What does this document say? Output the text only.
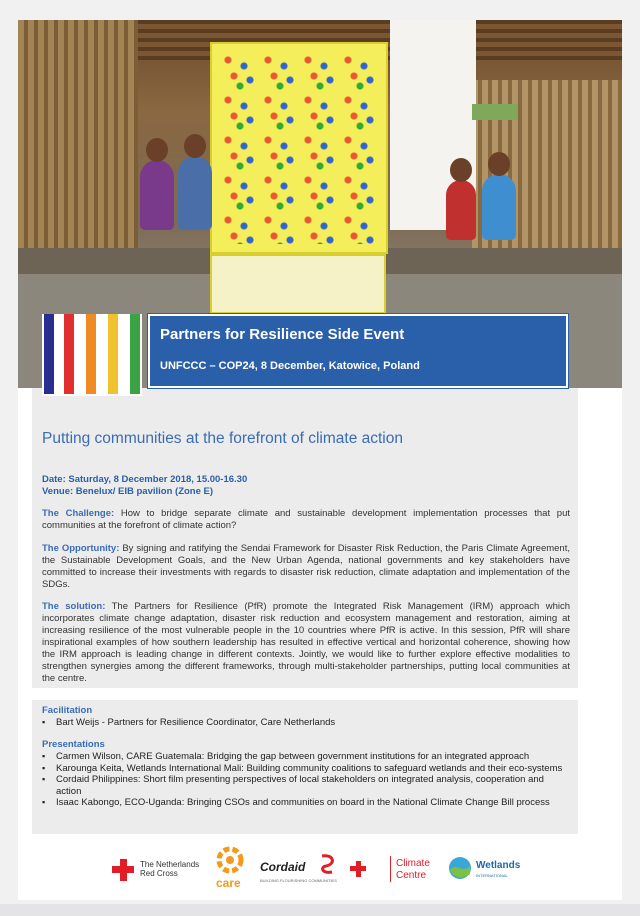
Partners for Resilience Side Event
UNFCCC – COP24, 8 December, Katowice, Poland
Putting communities at the forefront of climate action
Date: Saturday, 8 December 2018, 15.00-16.30
Venue: Benelux/ EIB pavilion (Zone E)
The Challenge: How to bridge separate climate and sustainable development implementation processes that put communities at the forefront of climate action?
The Opportunity: By signing and ratifying the Sendai Framework for Disaster Risk Reduction, the Paris Climate Agreement, the Sustainable Development Goals, and the New Urban Agenda, national governments and key stakeholders have committed to increase their investments with regards to disaster risk reduction, climate adaptation and implementation of the SDGs.
The solution: The Partners for Resilience (PfR) promote the Integrated Risk Management (IRM) approach which incorporates climate change adaptation, disaster risk reduction and ecosystem management and restoration, aiming at increasing resilience of the most vulnerable people in the 10 countries where PfR is active. In this session, PfR will share inspirational examples of how southern leadership has resulted in effective vertical and horizontal coherence, showing how the IRM approach is leading change in different contexts. Jointly, we would like to further explore effective modalities to strengthen synergies among the different frameworks, through multi-stakeholder partnerships, putting local communities at the centre.
Facilitation
▪ Bart Weijs - Partners for Resilience Coordinator, Care Netherlands
Presentations
▪ Carmen Wilson, CARE Guatemala: Bridging the gap between government institutions for an integrated approach
▪ Karounga Keita, Wetlands International Mali: Building community coalitions to safeguard wetlands and their eco-systems
▪ Cordaid Philippines: Short film presenting perspectives of local stakeholders on integrated analysis, cooperation and action
▪ Isaac Kabongo, ECO-Uganda: Bringing CSOs and communities on board in the National Climate Change Bill process
The Netherlands
Red Cross
care
Cordaid
BUILDING FLOURISHING COMMUNITIES
Climate
Centre
Wetlands
INTERNATIONAL
